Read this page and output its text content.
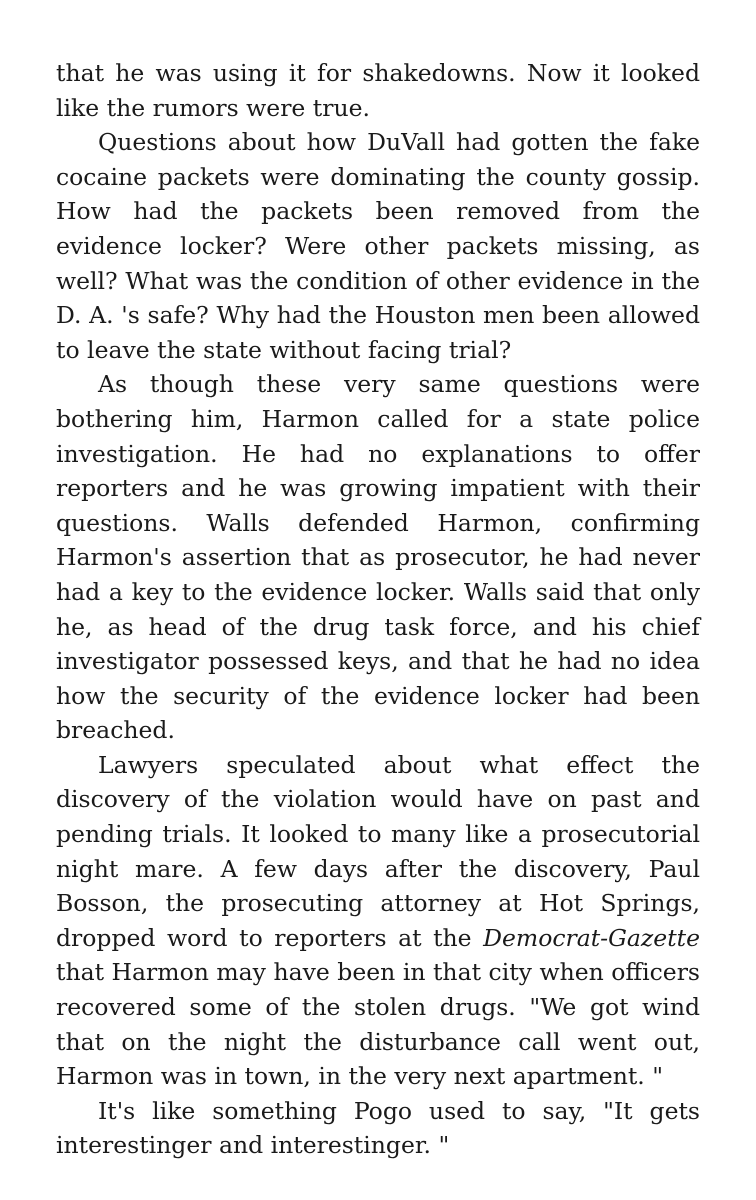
that he was using it for shakedowns. Now it looked like the rumors were true.

Questions about how DuVall had gotten the fake cocaine packets were dominating the county gossip. How had the packets been removed from the evidence locker? Were other packets missing, as well? What was the condition of other evidence in the D. A. 's safe? Why had the Houston men been allowed to leave the state without facing trial?

As though these very same questions were bothering him, Harmon called for a state police investigation. He had no explanations to offer reporters and he was growing impatient with their questions. Walls defended Harmon, confirming Harmon's assertion that as prosecutor, he had never had a key to the evidence locker. Walls said that only he, as head of the drug task force, and his chief investigator possessed keys, and that he had no idea how the security of the evidence locker had been breached.

Lawyers speculated about what effect the discovery of the violation would have on past and pending trials. It looked to many like a prosecutorial night mare. A few days after the discovery, Paul Bosson, the prosecuting attorney at Hot Springs, dropped word to reporters at the Democrat-Gazette that Harmon may have been in that city when officers recovered some of the stolen drugs. "We got wind that on the night the disturbance call went out, Harmon was in town, in the very next apartment. "

It's like something Pogo used to say, "It gets interestinger and interestinger. "
